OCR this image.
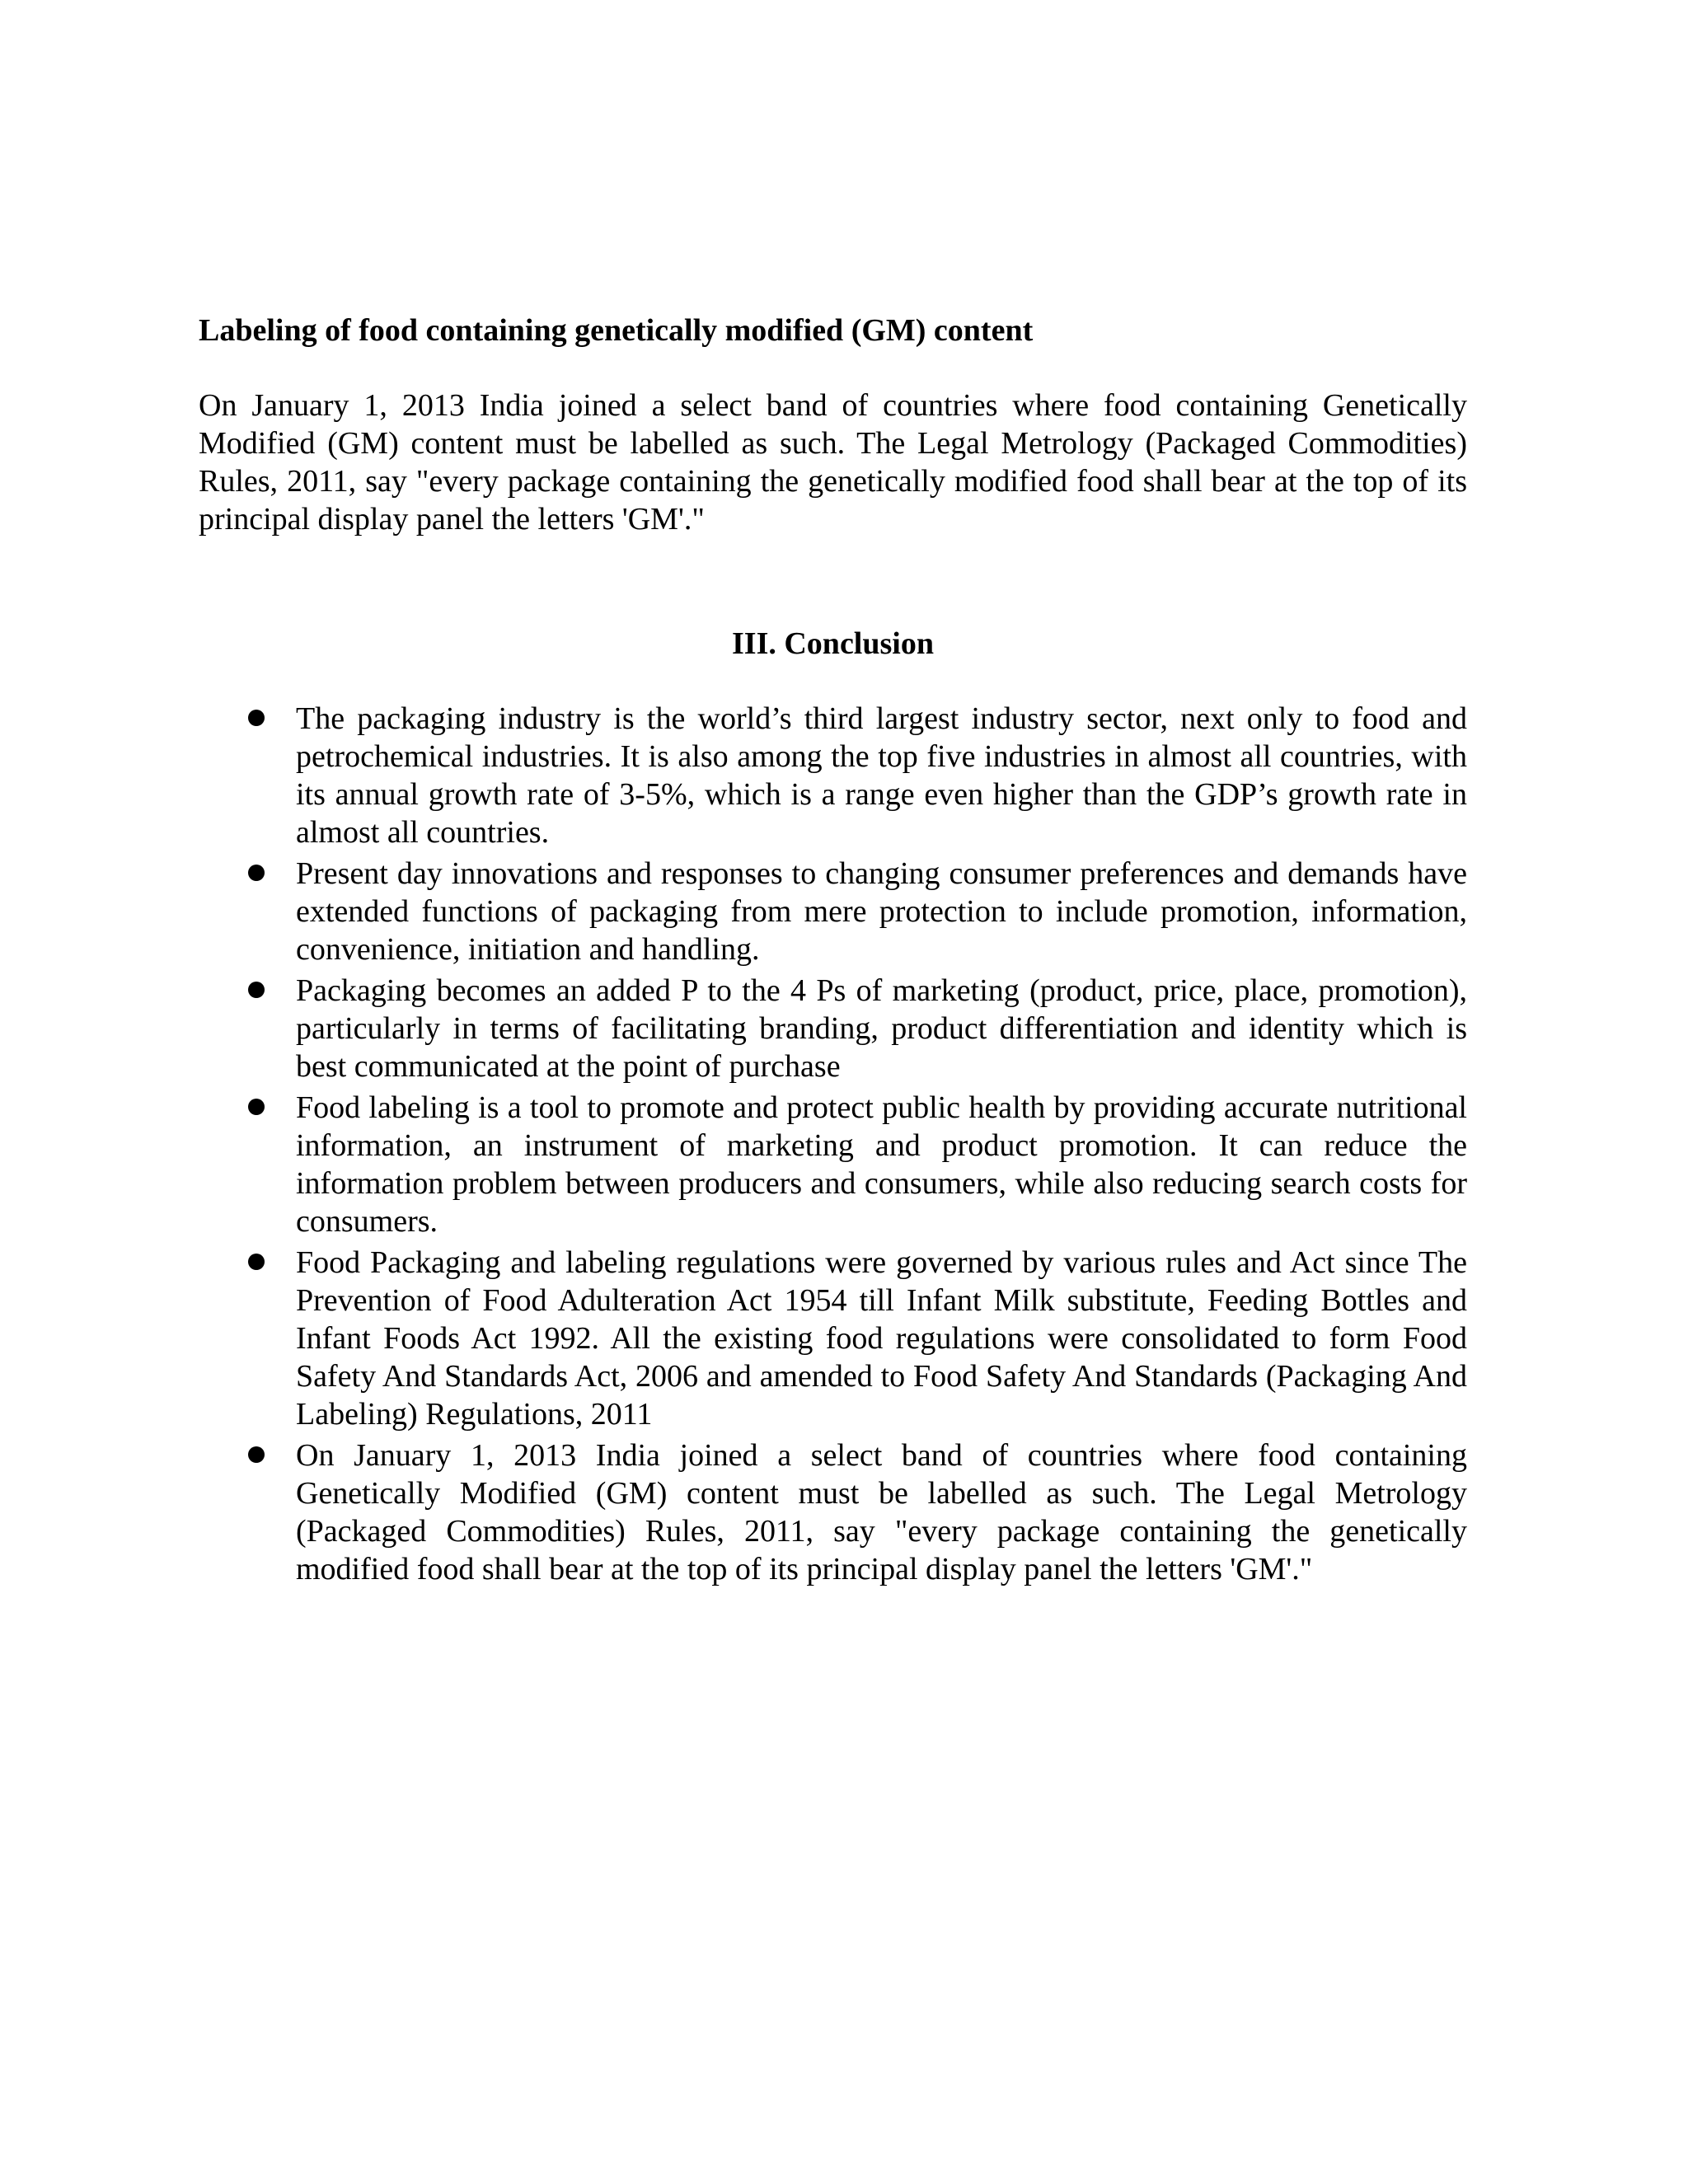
Labeling of food containing genetically modified (GM) content

On January 1, 2013 India joined a select band of countries where food containing Genetically Modified (GM) content must be labelled as such. The Legal Metrology (Packaged Commodities) Rules, 2011, say "every package containing the genetically modified food shall bear at the top of its principal display panel the letters 'GM'."

III. Conclusion
The packaging industry is the world’s third largest industry sector, next only to food and petrochemical industries. It is also among the top five industries in almost all countries, with its annual growth rate of 3-5%, which is a range even higher than the GDP’s growth rate in almost all countries.
Present day innovations and responses to changing consumer preferences and demands have extended functions of packaging from mere protection to include promotion, information, convenience, initiation and handling.
Packaging becomes an added P to the 4 Ps of marketing (product, price, place, promotion), particularly in terms of facilitating branding, product differentiation and identity which is best communicated at the point of purchase
Food labeling is a tool to promote and protect public health by providing accurate nutritional information, an instrument of marketing and product promotion. It can reduce the information problem between producers and consumers, while also reducing search costs for consumers.
Food Packaging and labeling regulations were governed by various rules and Act since The Prevention of Food Adulteration Act 1954 till Infant Milk substitute, Feeding Bottles and Infant Foods Act 1992. All the existing food regulations were consolidated to form Food Safety And Standards Act, 2006 and amended to Food Safety And Standards (Packaging And Labeling) Regulations, 2011
On January 1, 2013 India joined a select band of countries where food containing Genetically Modified (GM) content must be labelled as such. The Legal Metrology (Packaged Commodities) Rules, 2011, say "every package containing the genetically modified food shall bear at the top of its principal display panel the letters 'GM'."
